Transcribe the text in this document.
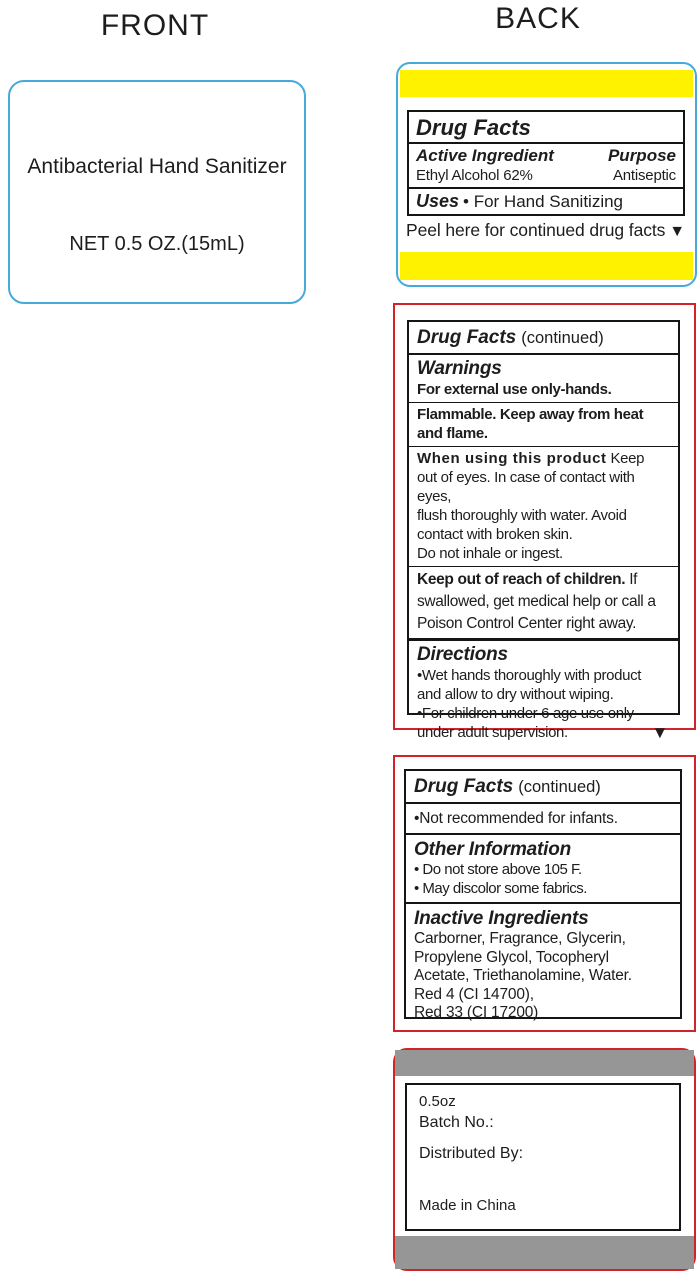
FRONT	BACK
Antibacterial Hand Sanitizer
NET 0.5 OZ.(15mL)
Drug Facts
Active Ingredient	Purpose
Ethyl Alcohol 62%	Antiseptic
Uses • For Hand Sanitizing
Peel here for continued drug facts ▼
Drug Facts (continued)
Warnings
For external use only-hands.
Flammable. Keep away from heat
and flame.
When using this product Keep
out of eyes. In case of contact with eyes,
flush thoroughly with water. Avoid
contact with broken skin.
Do not inhale or ingest.
Keep out of reach of children. If
swallowed, get medical help or call a
Poison Control Center right away.
Directions
•Wet hands thoroughly with product
and allow to dry without wiping.
•For children under 6 age use only
under adult supervision.	▼
Drug Facts (continued)
•Not recommended for infants.
Other Information
• Do not store above 105 F.
• May discolor some fabrics.
Inactive Ingredients
Carborner, Fragrance, Glycerin,
Propylene Glycol, Tocopheryl
Acetate, Triethanolamine, Water.
Red 4 (CI 14700),
Red 33 (CI 17200)
0.5oz
Batch No.:
Distributed By:
Made in China
